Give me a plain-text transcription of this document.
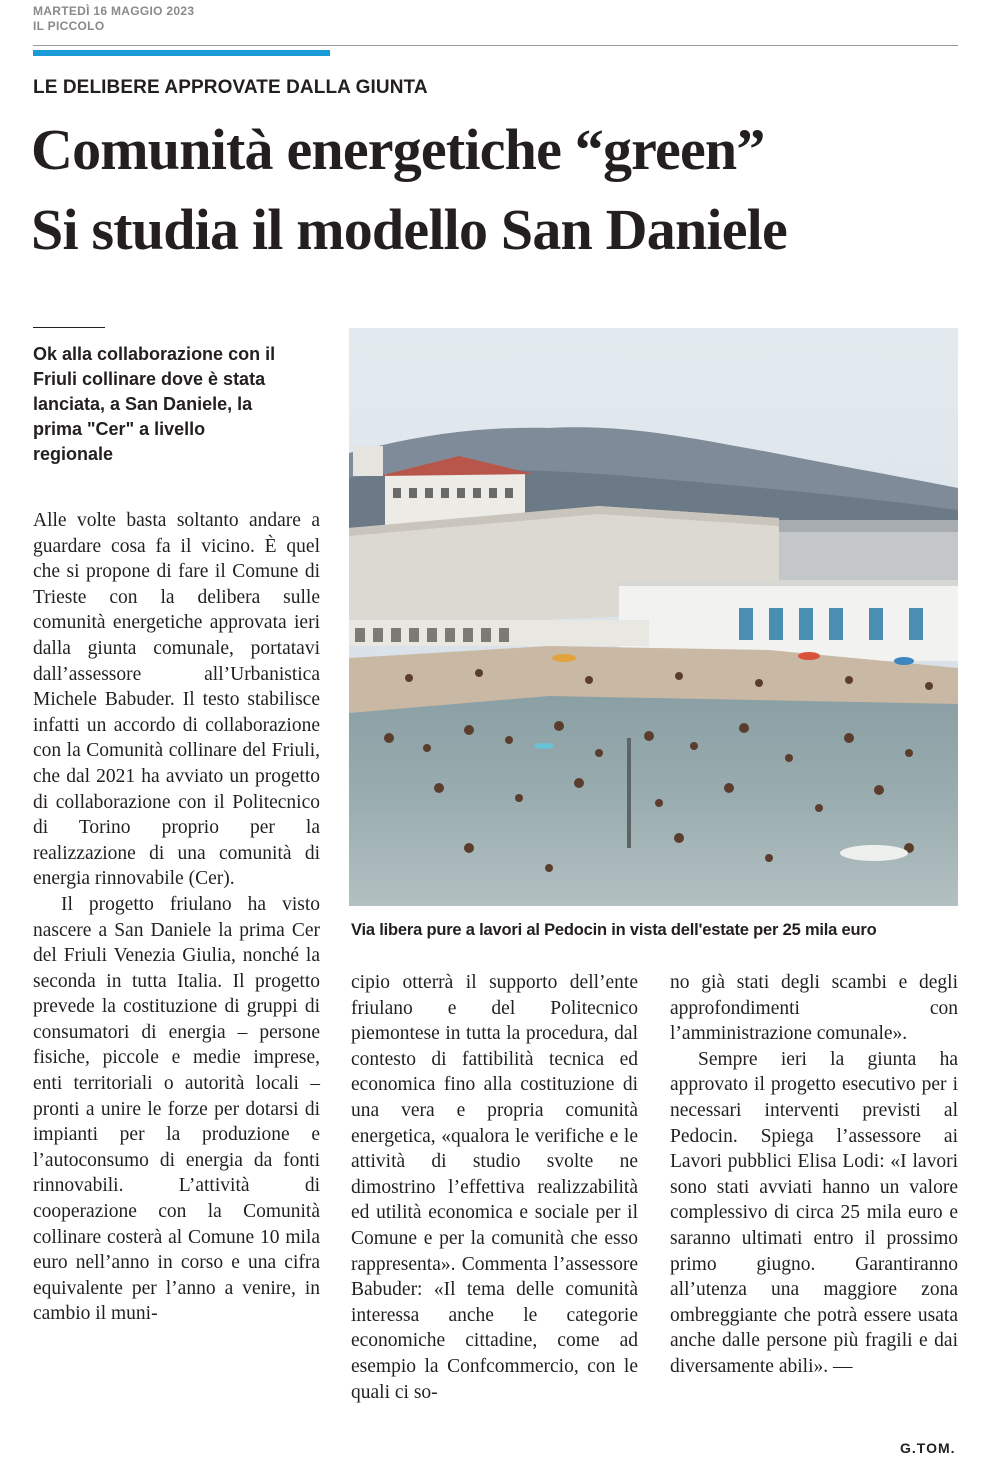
MARTEDÌ 16 MAGGIO 2023
IL PICCOLO
LE DELIBERE APPROVATE DALLA GIUNTA
Comunità energetiche “green”
Si studia il modello San Daniele
Ok alla collaborazione con il Friuli collinare dove è stata lanciata, a San Daniele, la prima "Cer" a livello regionale
Via libera pure a lavori al Pedocin in vista dell'estate per 25 mila euro

Alle volte basta soltanto andare a guardare cosa fa il vicino. È quel che si propone di fare il Comune di Trieste con la delibera sulle comunità energetiche approvata ieri dalla giunta comunale, portatavi dall’assessore all’Urbanistica Michele Babuder. Il testo stabilisce infatti un accordo di collaborazione con la Comunità collinare del Friuli, che dal 2021 ha avviato un progetto di collaborazione con il Politecnico di Torino proprio per la realizzazione di una comunità di energia rinnovabile (Cer).

Il progetto friulano ha visto nascere a San Daniele la prima Cer del Friuli Venezia Giulia, nonché la seconda in tutta Italia. Il progetto prevede la costituzione di gruppi di consumatori di energia – persone fisiche, piccole e medie imprese, enti territoriali o autorità locali – pronti a unire le forze per dotarsi di impianti per la produzione e l’autoconsumo di energia da fonti rinnovabili. L’attività di cooperazione con la Comunità collinare costerà al Comune 10 mila euro nell’anno in corso e una cifra equivalente per l’anno a venire, in cambio il muni-

cipio otterrà il supporto dell’ente friulano e del Politecnico piemontese in tutta la procedura, dal contesto di fattibilità tecnica ed economica fino alla costituzione di una vera e propria comunità energetica, «qualora le verifiche e le attività di studio svolte ne dimostrino l’effettiva realizzabilità ed utilità economica e sociale per il Comune e per la comunità che esso rappresenta». Commenta l’assessore Babuder: «Il tema delle comunità interessa anche le categorie economiche cittadine, come ad esempio la Confcommercio, con le quali ci so-

no già stati degli scambi e degli approfondimenti con l’amministrazione comunale».

Sempre ieri la giunta ha approvato il progetto esecutivo per i necessari interventi previsti al Pedocin. Spiega l’assessore ai Lavori pubblici Elisa Lodi: «I lavori sono stati avviati hanno un valore complessivo di circa 25 mila euro e saranno ultimati entro il prossimo primo giugno. Garantiranno all’utenza una maggiore zona ombreggiante che potrà essere usata anche dalle persone più fragili e dai diversamente abili». —

G.TOM.
